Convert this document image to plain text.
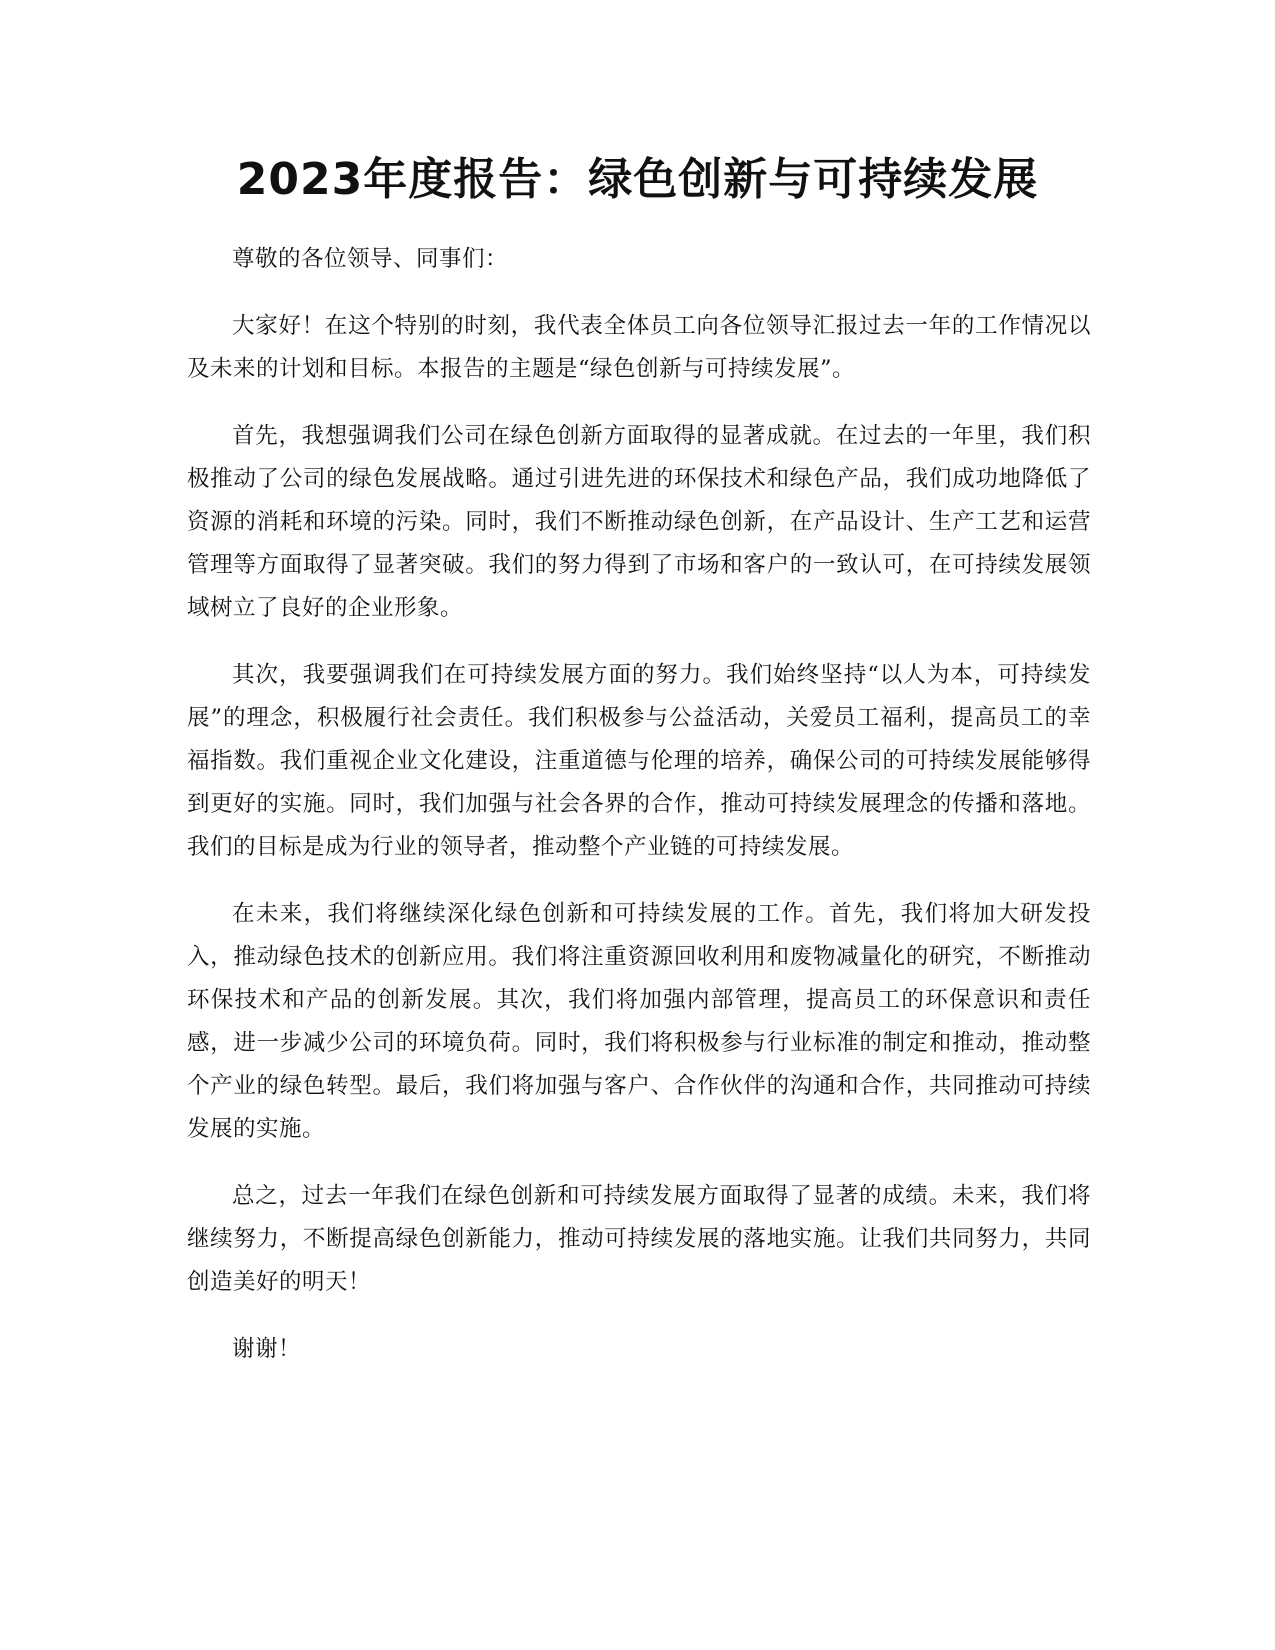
2023年度报告：绿色创新与可持续发展

尊敬的各位领导、同事们：

大家好！在这个特别的时刻，我代表全体员工向各位领导汇报过去一年的工作情况以及未来的计划和目标。本报告的主题是“绿色创新与可持续发展”。

首先，我想强调我们公司在绿色创新方面取得的显著成就。在过去的一年里，我们积极推动了公司的绿色发展战略。通过引进先进的环保技术和绿色产品，我们成功地降低了资源的消耗和环境的污染。同时，我们不断推动绿色创新，在产品设计、生产工艺和运营管理等方面取得了显著突破。我们的努力得到了市场和客户的一致认可，在可持续发展领域树立了良好的企业形象。

其次，我要强调我们在可持续发展方面的努力。我们始终坚持“以人为本，可持续发展”的理念，积极履行社会责任。我们积极参与公益活动，关爱员工福利，提高员工的幸福指数。我们重视企业文化建设，注重道德与伦理的培养，确保公司的可持续发展能够得到更好的实施。同时，我们加强与社会各界的合作，推动可持续发展理念的传播和落地。我们的目标是成为行业的领导者，推动整个产业链的可持续发展。

在未来，我们将继续深化绿色创新和可持续发展的工作。首先，我们将加大研发投入，推动绿色技术的创新应用。我们将注重资源回收利用和废物减量化的研究，不断推动环保技术和产品的创新发展。其次，我们将加强内部管理，提高员工的环保意识和责任感，进一步减少公司的环境负荷。同时，我们将积极参与行业标准的制定和推动，推动整个产业的绿色转型。最后，我们将加强与客户、合作伙伴的沟通和合作，共同推动可持续发展的实施。

总之，过去一年我们在绿色创新和可持续发展方面取得了显著的成绩。未来，我们将继续努力，不断提高绿色创新能力，推动可持续发展的落地实施。让我们共同努力，共同创造美好的明天！

谢谢！
